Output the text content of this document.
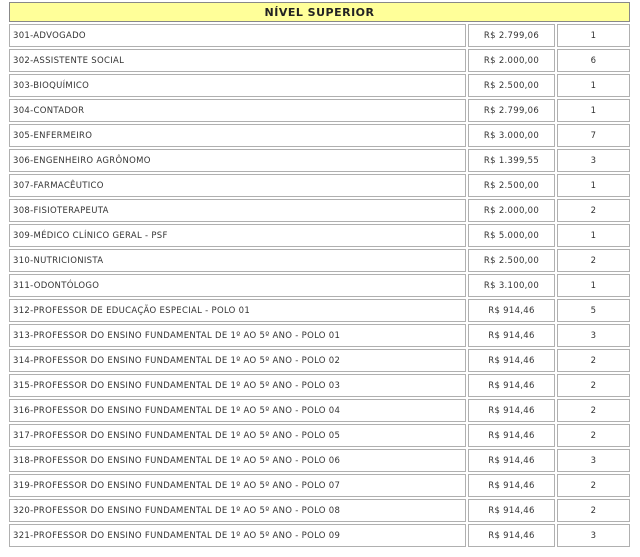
NÍVEL SUPERIOR		
301-ADVOGADO	R$ 2.799,06	1
302-ASSISTENTE SOCIAL	R$ 2.000,00	6
303-BIOQUÍMICO	R$ 2.500,00	1
304-CONTADOR	R$ 2.799,06	1
305-ENFERMEIRO	R$ 3.000,00	7
306-ENGENHEIRO AGRÔNOMO	R$ 1.399,55	3
307-FARMACÊUTICO	R$ 2.500,00	1
308-FISIOTERAPEUTA	R$ 2.000,00	2
309-MÉDICO CLÍNICO GERAL - PSF	R$ 5.000,00	1
310-NUTRICIONISTA	R$ 2.500,00	2
311-ODONTÓLOGO	R$ 3.100,00	1
312-PROFESSOR DE EDUCAÇÃO ESPECIAL - POLO 01	R$ 914,46	5
313-PROFESSOR DO ENSINO FUNDAMENTAL DE 1º AO 5º ANO - POLO 01	R$ 914,46	3
314-PROFESSOR DO ENSINO FUNDAMENTAL DE 1º AO 5º ANO - POLO 02	R$ 914,46	2
315-PROFESSOR DO ENSINO FUNDAMENTAL DE 1º AO 5º ANO - POLO 03	R$ 914,46	2
316-PROFESSOR DO ENSINO FUNDAMENTAL DE 1º AO 5º ANO - POLO 04	R$ 914,46	2
317-PROFESSOR DO ENSINO FUNDAMENTAL DE 1º AO 5º ANO - POLO 05	R$ 914,46	2
318-PROFESSOR DO ENSINO FUNDAMENTAL DE 1º AO 5º ANO - POLO 06	R$ 914,46	3
319-PROFESSOR DO ENSINO FUNDAMENTAL DE 1º AO 5º ANO - POLO 07	R$ 914,46	2
320-PROFESSOR DO ENSINO FUNDAMENTAL DE 1º AO 5º ANO - POLO 08	R$ 914,46	2
321-PROFESSOR DO ENSINO FUNDAMENTAL DE 1º AO 5º ANO - POLO 09	R$ 914,46	3
